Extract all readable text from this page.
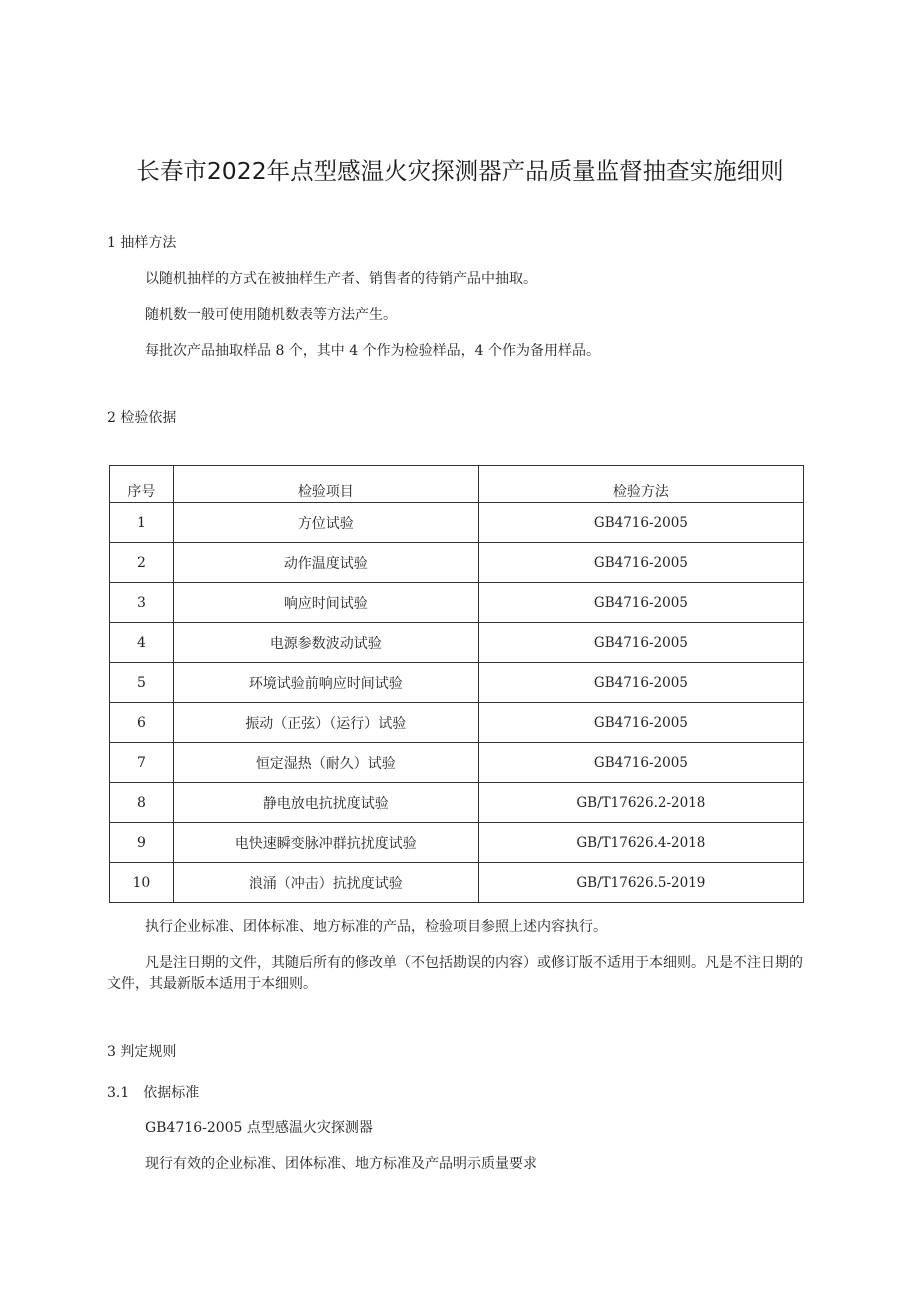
长春市2022年点型感温火灾探测器产品质量监督抽查实施细则
1 抽样方法
以随机抽样的方式在被抽样生产者、销售者的待销产品中抽取。
随机数一般可使用随机数表等方法产生。
每批次产品抽取样品 8 个，其中 4 个作为检验样品，4 个作为备用样品。
2 检验依据
序号	检验项目	检验方法
1	方位试验	GB4716-2005
2	动作温度试验	GB4716-2005
3	响应时间试验	GB4716-2005
4	电源参数波动试验	GB4716-2005
5	环境试验前响应时间试验	GB4716-2005
6	振动（正弦）（运行）试验	GB4716-2005
7	恒定湿热（耐久）试验	GB4716-2005
8	静电放电抗扰度试验	GB/T17626.2-2018
9	电快速瞬变脉冲群抗扰度试验	GB/T17626.4-2018
10	浪涌（冲击）抗扰度试验	GB/T17626.5-2019
执行企业标准、团体标准、地方标准的产品，检验项目参照上述内容执行。
凡是注日期的文件，其随后所有的修改单（不包括勘误的内容）或修订版不适用于本细则。凡是不注日期的文件，其最新版本适用于本细则。
3 判定规则
3.1　依据标准
GB4716-2005 点型感温火灾探测器
现行有效的企业标准、团体标准、地方标准及产品明示质量要求
